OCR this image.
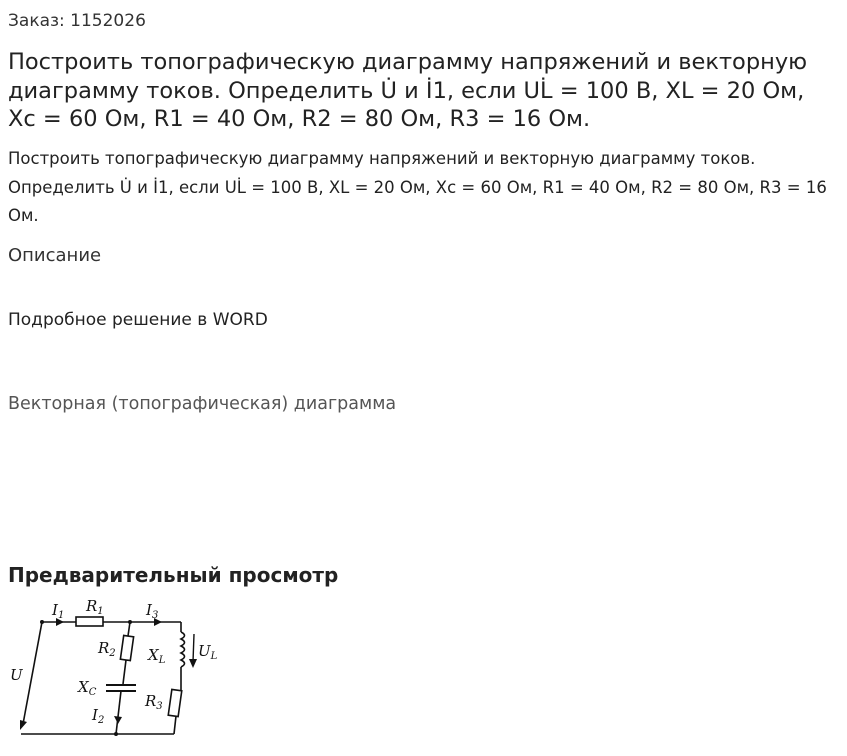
Заказ: 1152026
Построить топографическую диаграмму напряжений и векторную диаграмму токов. Определить U̇ и İ1, если UL̇ = 100 В, XL = 20 Ом, Xc = 60 Ом, R1 = 40 Ом, R2 = 80 Ом, R3 = 16 Ом.

Построить топографическую диаграмму напряжений и векторную диаграмму токов. Определить U̇ и İ1, если UL̇ = 100 В, XL = 20 Ом, Xc = 60 Ом, R1 = 40 Ом, R2 = 80 Ом, R3 = 16 Ом.

Описание
Подробное решение в WORD
Векторная (топографическая) диаграмма
Предварительный просмотр
$I_1$
$R_1$	$I_3$
$R_2$ $X_L$
$U_L$
U
$X_C$	$R_3$
$I_2$
